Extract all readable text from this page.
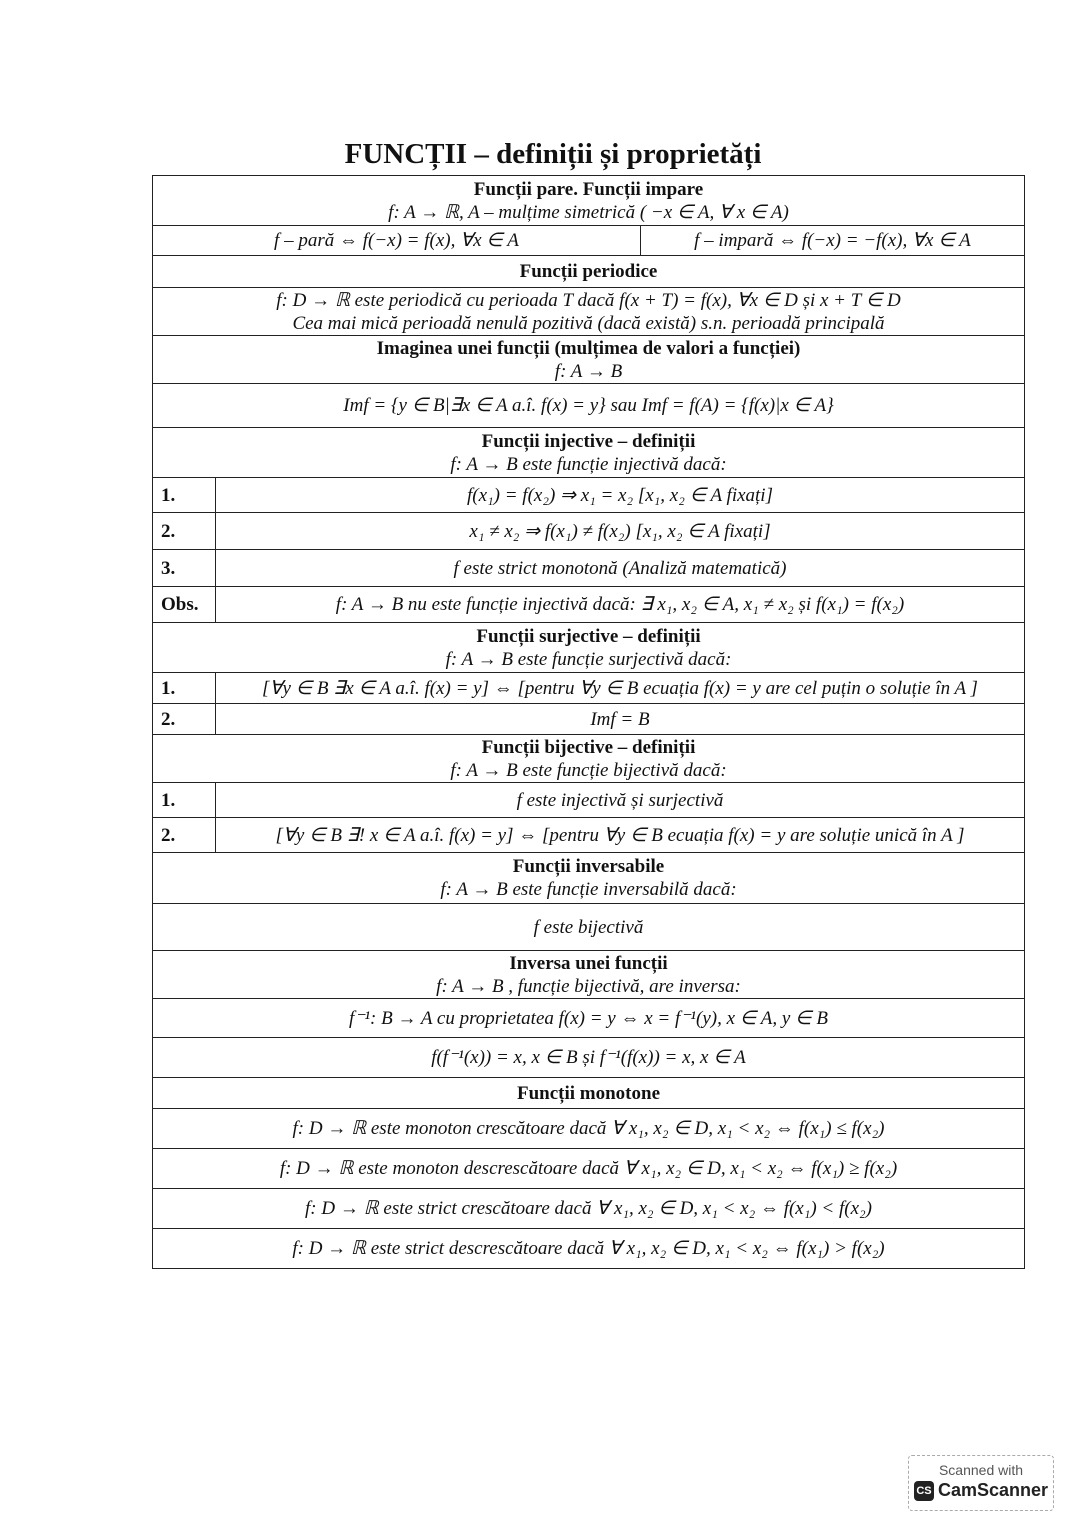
FUNCȚII – definiții și proprietăți
Funcții pare. Funcții impare
f: A → ℝ, A – mulțime simetrică ( −x ∈ A, ∀ x ∈ A)		

f – pară ⇔ f(−x) = f(x), ∀x ∈ A		f – impară ⇔ f(−x) = −f(x), ∀x ∈ A

Funcții periodice		

f: D → ℝ este periodică cu perioada T dacă f(x + T) = f(x), ∀x ∈ D și x + T ∈ D
Cea mai mică perioadă nenulă pozitivă (dacă există) s.n. perioadă principală		

Imaginea unei funcții (mulțimea de valori a funcției)
f: A → B		

Imf = {y ∈ B|∃x ∈ A a.î. f(x) = y} sau Imf = f(A) = {f(x)|x ∈ A}		

Funcții injective – definiții
f: A → B este funcție injectivă dacă:		

1.	f(x₁) = f(x₂) ⇒ x₁ = x₂ [x₁, x₂ ∈ A fixați]	
2.	x₁ ≠ x₂ ⇒ f(x₁) ≠ f(x₂) [x₁, x₂ ∈ A fixați]	
3.	f este strict monotonă (Analiză matematică)	
Obs.	f: A → B nu este funcție injectivă dacă: ∃ x₁, x₂ ∈ A, x₁ ≠ x₂ și f(x₁) = f(x₂)	

Funcții surjective – definiții
f: A → B este funcție surjectivă dacă:		

1.	[∀y ∈ B ∃x ∈ A a.î. f(x) = y] ⇔ [pentru ∀y ∈ B ecuația f(x) = y are cel puțin o soluție în A ]	
2.	Imf = B	

Funcții bijective – definiții
f: A → B este funcție bijectivă dacă:		

1.	f este injectivă și surjectivă	
2.	[∀y ∈ B ∃! x ∈ A a.î. f(x) = y] ⇔ [pentru ∀y ∈ B ecuația f(x) = y are soluție unică în A ]	

Funcții inversabile
f: A → B este funcție inversabilă dacă:		

f este bijectivă		

Inversa unei funcții
f: A → B , funcție bijectivă, are inversa:		

f⁻¹: B → A cu proprietatea f(x) = y ⇔ x = f⁻¹(y), x ∈ A, y ∈ B		

f(f⁻¹(x)) = x, x ∈ B și f⁻¹(f(x)) = x, x ∈ A		

Funcții monotone		

f: D → ℝ este monoton crescătoare dacă ∀ x₁, x₂ ∈ D, x₁ < x₂ ⇔ f(x₁) ≤ f(x₂)		

f: D → ℝ este monoton descrescătoare dacă ∀ x₁, x₂ ∈ D, x₁ < x₂ ⇔ f(x₁) ≥ f(x₂)		

f: D → ℝ este strict crescătoare dacă ∀ x₁, x₂ ∈ D, x₁ < x₂ ⇔ f(x₁) < f(x₂)		

f: D → ℝ este strict descrescătoare dacă ∀ x₁, x₂ ∈ D, x₁ < x₂ ⇔ f(x₁) > f(x₂)		
Scanned with
CS CamScanner
